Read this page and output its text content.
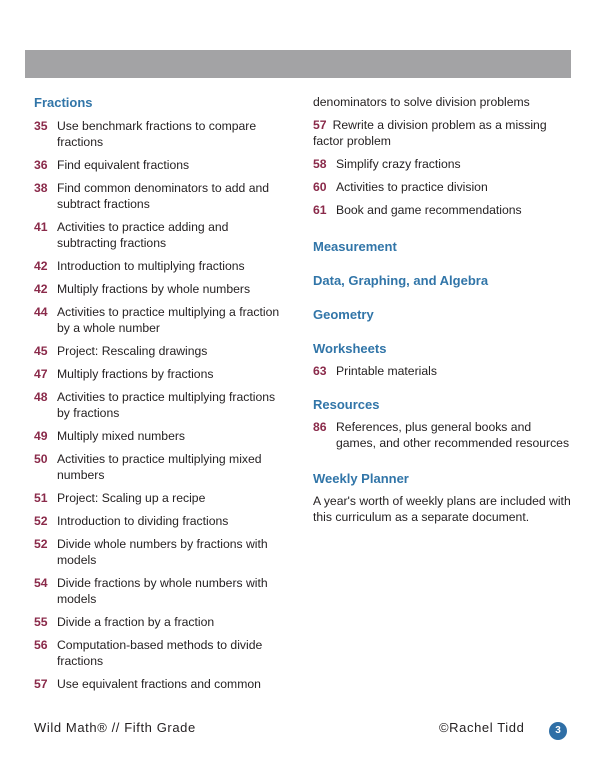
Fractions
35 Use benchmark fractions to compare fractions
36 Find equivalent fractions
38 Find common denominators to add and subtract fractions
41 Activities to practice adding and subtracting fractions
42 Introduction to multiplying fractions
42 Multiply fractions by whole numbers
44 Activities to practice multiplying a fraction by a whole number
45 Project: Rescaling drawings
47 Multiply fractions by fractions
48 Activities to practice multiplying fractions by fractions
49 Multiply mixed numbers
50 Activities to practice multiplying mixed numbers
51 Project: Scaling up a recipe
52 Introduction to dividing fractions
52 Divide whole numbers by fractions with models
54 Divide fractions by whole numbers with models
55 Divide a fraction by a fraction
56 Computation-based methods to divide fractions
57 Use equivalent fractions and common
denominators to solve division problems
57 Rewrite a division problem as a missing factor problem
58 Simplify crazy fractions
60 Activities to practice division
61 Book and game recommendations
Measurement
Data, Graphing, and Algebra
Geometry
Worksheets
63 Printable materials
Resources
86 References, plus general books and games, and other recommended resources
Weekly Planner
A year's worth of weekly plans are included with this curriculum as a separate document.
Wild Math® // Fifth Grade	©Rachel Tidd	3
